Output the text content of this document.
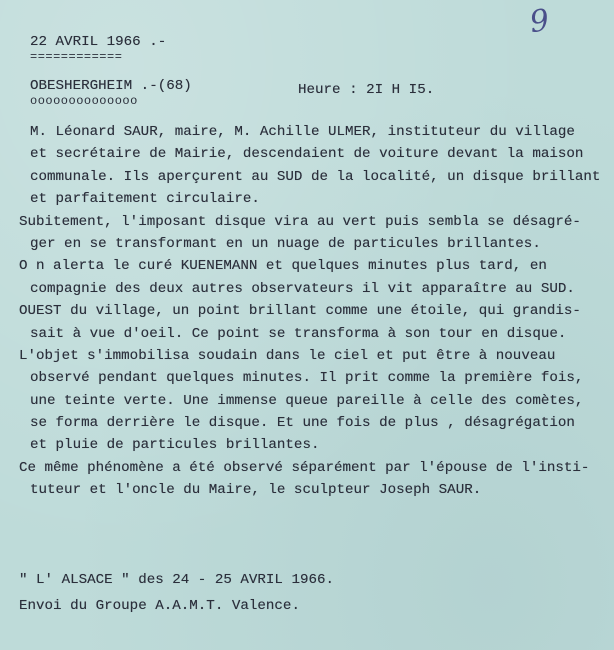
9
22 AVRIL 1966 .-
============
OBESHERGHEIM .-(68)
oooooooooooooo
Heure : 2I H I5.
M. Léonard SAUR, maire, M. Achille ULMER, instituteur du village
et secrétaire de Mairie, descendaient de voiture devant la maison
communale. Ils aperçurent au SUD de la localité, un disque brillant
et parfaitement circulaire.
Subitement, l'imposant disque vira au vert puis sembla se désagré-
ger en se transformant en un nuage de particules brillantes.
O n alerta le curé KUENEMANN et quelques minutes plus tard, en
compagnie des deux autres observateurs il vit apparaître au SUD.
OUEST du village, un point brillant comme une étoile, qui grandis-
sait à vue d'oeil. Ce point se transforma à son tour en disque.
L'objet s'immobilisa soudain dans le ciel et put être à nouveau
observé pendant quelques minutes. Il prit comme la première fois,
une teinte verte. Une immense queue pareille à celle des comètes,
se forma derrière le disque. Et une fois de plus , désagrégation
et pluie de particules brillantes.
Ce même phénomène a été observé séparément par l'épouse de l'insti-
tuteur et l'oncle du Maire, le sculpteur Joseph SAUR.
" L' ALSACE " des 24 - 25 AVRIL 1966.
Envoi du Groupe A.A.M.T. Valence.
